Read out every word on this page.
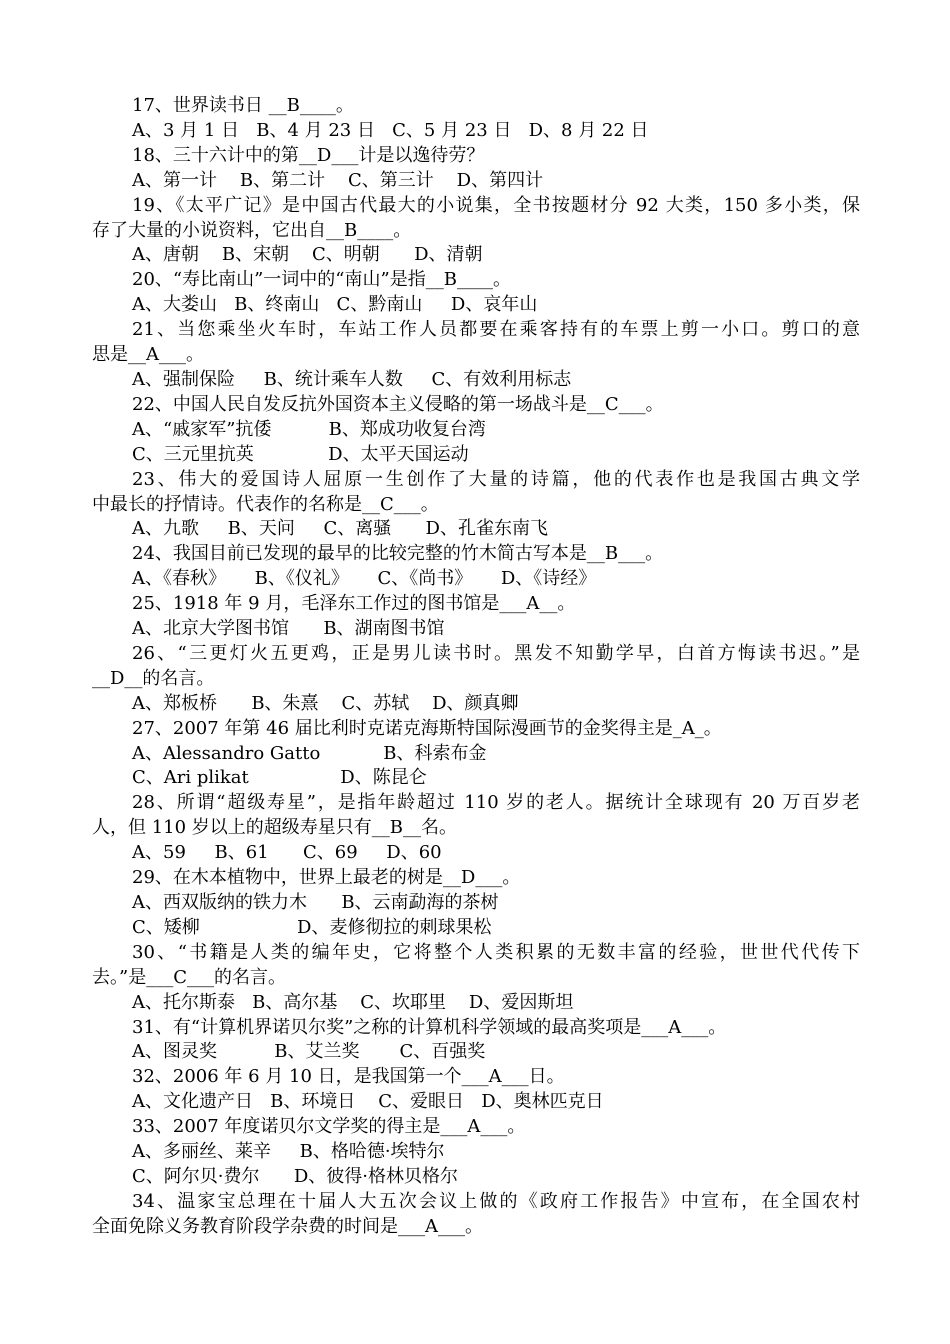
17、世界读书日 __B____。
A、3 月 1 日   B、4 月 23 日   C、5 月 23 日   D、8 月 22 日
18、三十六计中的第__D___计是以逸待劳？
A、第一计    B、第二计    C、第三计    D、第四计
19、《太平广记》是中国古代最大的小说集，全书按题材分 92 大类，150 多小类，保
存了大量的小说资料，它出自__B____。
A、唐朝    B、宋朝    C、明朝      D、清朝
20、“寿比南山”一词中的“南山”是指__B____。
A、大娄山   B、终南山   C、黔南山     D、哀年山
21、当您乘坐火车时，车站工作人员都要在乘客持有的车票上剪一小口。剪口的意
思是__A___。
A、强制保险     B、统计乘车人数     C、有效利用标志
22、中国人民自发反抗外国资本主义侵略的第一场战斗是__C___。
A、“戚家军”抗倭          B、郑成功收复台湾
C、三元里抗英             D、太平天国运动
23、伟大的爱国诗人屈原一生创作了大量的诗篇，他的代表作也是我国古典文学
中最长的抒情诗。代表作的名称是__C___。
A、九歌     B、天问     C、离骚      D、孔雀东南飞
24、我国目前已发现的最早的比较完整的竹木简古写本是__B___。
A、《春秋》     B、《仪礼》     C、《尚书》     D、《诗经》
25、1918 年 9 月，毛泽东工作过的图书馆是___A__。
A、北京大学图书馆      B、湖南图书馆
26、“三更灯火五更鸡，正是男儿读书时。黑发不知勤学早，白首方悔读书迟。”是
__D__的名言。
A、郑板桥      B、朱熹    C、苏轼    D、颜真卿
27、2007 年第 46 届比利时克诺克海斯特国际漫画节的金奖得主是_A_。
A、Alessandro Gatto           B、科索布金
C、Ari plikat                D、陈昆仑
28、所谓“超级寿星”，是指年龄超过 110 岁的老人。据统计全球现有 20 万百岁老
人，但 110 岁以上的超级寿星只有__B__名。
A、59     B、61      C、69     D、60
29、在木本植物中，世界上最老的树是__D___。
A、西双版纳的铁力木      B、云南勐海的茶树
C、矮柳                 D、麦修彻拉的刺球果松
30、“书籍是人类的编年史，它将整个人类积累的无数丰富的经验，世世代代传下
去。”是___C___的名言。
A、托尔斯泰   B、高尔基    C、坎耶里    D、爱因斯坦
31、有“计算机界诺贝尔奖”之称的计算机科学领域的最高奖项是___A___。
A、图灵奖          B、艾兰奖       C、百强奖
32、2006 年 6 月 10 日，是我国第一个___A___日。
A、文化遗产日   B、环境日    C、爱眼日   D、奥林匹克日
33、2007 年度诺贝尔文学奖的得主是___A___。
A、多丽丝、莱辛     B、格哈德·埃特尔
C、阿尔贝·费尔      D、彼得·格林贝格尔
34、温家宝总理在十届人大五次会议上做的《政府工作报告》中宣布，在全国农村
全面免除义务教育阶段学杂费的时间是___A___。
